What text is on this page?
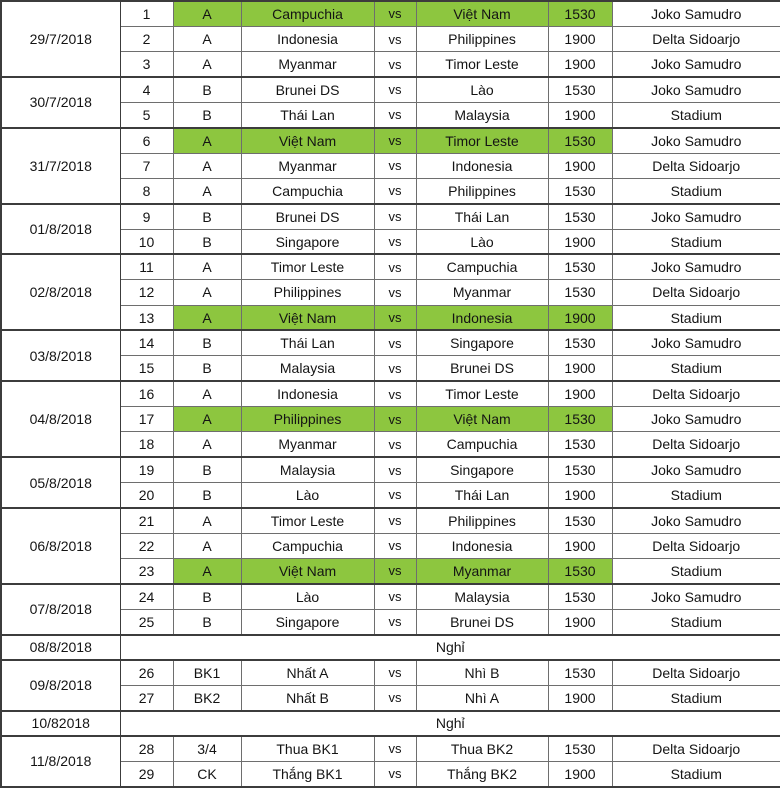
29/7/2018	1	A	Campuchia	vs	Việt Nam	1530	Joko Samudro
	2	A	Indonesia	vs	Philippines	1900	Delta Sidoarjo
	3	A	Myanmar	vs	Timor Leste	1900	Joko Samudro
30/7/2018	4	B	Brunei DS	vs	Lào	1530	Joko Samudro
	5	B	Thái Lan	vs	Malaysia	1900	Stadium
31/7/2018	6	A	Việt Nam	vs	Timor Leste	1530	Joko Samudro
	7	A	Myanmar	vs	Indonesia	1900	Delta Sidoarjo
	8	A	Campuchia	vs	Philippines	1530	Stadium
01/8/2018	9	B	Brunei DS	vs	Thái Lan	1530	Joko Samudro
	10	B	Singapore	vs	Lào	1900	Stadium
02/8/2018	11	A	Timor Leste	vs	Campuchia	1530	Joko Samudro
	12	A	Philippines	vs	Myanmar	1530	Delta Sidoarjo
	13	A	Việt Nam	vs	Indonesia	1900	Stadium
03/8/2018	14	B	Thái Lan	vs	Singapore	1530	Joko Samudro
	15	B	Malaysia	vs	Brunei DS	1900	Stadium
04/8/2018	16	A	Indonesia	vs	Timor Leste	1900	Delta Sidoarjo
	17	A	Philippines	vs	Việt Nam	1530	Joko Samudro
	18	A	Myanmar	vs	Campuchia	1530	Delta Sidoarjo
05/8/2018	19	B	Malaysia	vs	Singapore	1530	Joko Samudro
	20	B	Lào	vs	Thái Lan	1900	Stadium
06/8/2018	21	A	Timor Leste	vs	Philippines	1530	Joko Samudro
	22	A	Campuchia	vs	Indonesia	1900	Delta Sidoarjo
	23	A	Việt Nam	vs	Myanmar	1530	Stadium
07/8/2018	24	B	Lào	vs	Malaysia	1530	Joko Samudro
	25	B	Singapore	vs	Brunei DS	1900	Stadium
08/8/2018	Nghỉ						
09/8/2018	26	BK1	Nhất A	vs	Nhì B	1530	Delta Sidoarjo
	27	BK2	Nhất B	vs	Nhì A	1900	Stadium
10/82018	Nghỉ						
11/8/2018	28	3/4	Thua BK1	vs	Thua BK2	1530	Delta Sidoarjo
	29	CK	Thắng BK1	vs	Thắng BK2	1900	Stadium
